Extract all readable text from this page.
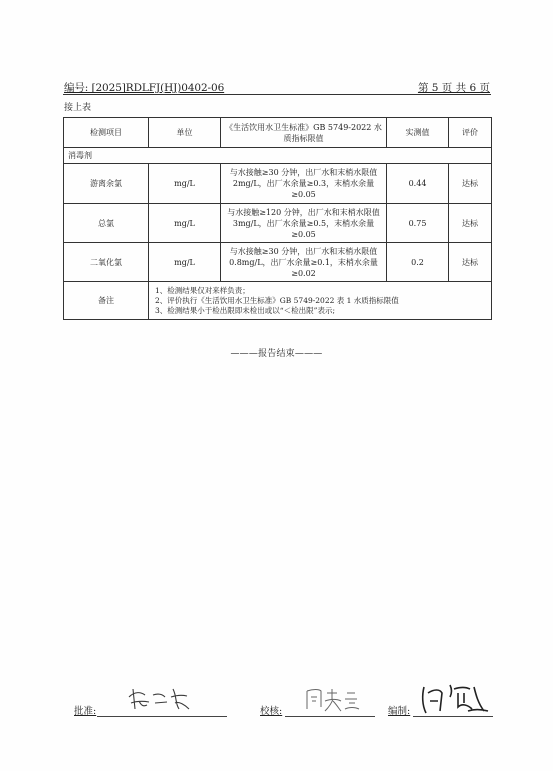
编号: [2025]RDLFJ(HJ)0402-06	第 5 页 共 6 页
接上表
检测项目	单位	《生活饮用水卫生标准》GB 5749-2022 水质指标限值	实测值	评价
消毒剂				
游离余氯	mg/L	与水接触≥30 分钟，出厂水和末梢水限值 2mg/L，出厂水余量≥0.3，末梢水余量≥0.05	0.44	达标
总氯	mg/L	与水接触≥120 分钟，出厂水和末梢水限值 3mg/L，出厂水余量≥0.5，末梢水余量≥0.05	0.75	达标
二氧化氯	mg/L	与水接触≥30 分钟，出厂水和末梢水限值 0.8mg/L，出厂水余量≥0.1，末梢水余量≥0.02	0.2	达标
备注	1、检测结果仅对来样负责；
2、评价执行《生活饮用水卫生标准》GB 5749-2022 表 1 水质指标限值
3、检测结果小于检出限即未检出或以“＜检出限”表示;			
———报告结束———
批准:	校核:	编制:
